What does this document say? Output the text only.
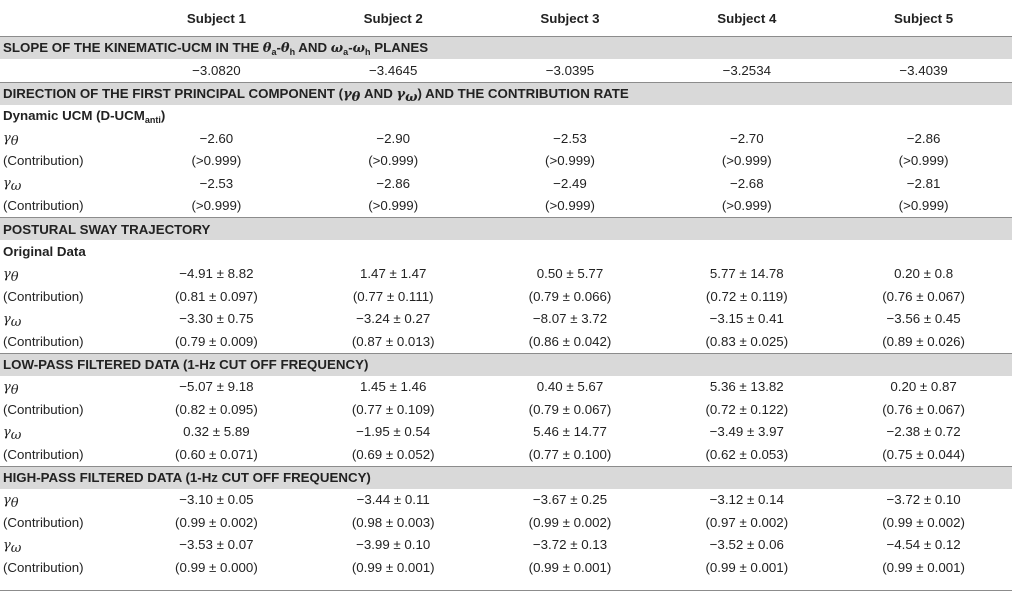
	Subject 1	Subject 2	Subject 3	Subject 4	Subject 5
SLOPE OF THE KINEMATIC-UCM IN THE $\theta_a-\theta_h$ AND $\omega_a-\omega_h$ PLANES					
	−3.0820	−3.4645	−3.0395	−3.2534	−3.4039
DIRECTION OF THE FIRST PRINCIPAL COMPONENT ($\gamma_\theta$ AND $\gamma_\omega$) AND THE CONTRIBUTION RATE					
Dynamic UCM $(D-UCM_{anti})$					
$\gamma_\theta$	−2.60	−2.90	−2.53	−2.70	−2.86
(Contribution)	(>0.999)	(>0.999)	(>0.999)	(>0.999)	(>0.999)
$\gamma_\omega$	−2.53	−2.86	−2.49	−2.68	−2.81
(Contribution)	(>0.999)	(>0.999)	(>0.999)	(>0.999)	(>0.999)
POSTURAL SWAY TRAJECTORY					
Original Data					
$\gamma_\theta$	−4.91 ± 8.82	1.47 ± 1.47	0.50 ± 5.77	5.77 ± 14.78	0.20 ± 0.8
(Contribution)	(0.81 ± 0.097)	(0.77 ± 0.111)	(0.79 ± 0.066)	(0.72 ± 0.119)	(0.76 ± 0.067)
$\gamma_\omega$	−3.30 ± 0.75	−3.24 ± 0.27	−8.07 ± 3.72	−3.15 ± 0.41	−3.56 ± 0.45
(Contribution)	(0.79 ± 0.009)	(0.87 ± 0.013)	(0.86 ± 0.042)	(0.83 ± 0.025)	(0.89 ± 0.026)
LOW-PASS FILTERED DATA (1-Hz CUT OFF FREQUENCY)					
$\gamma_\theta$	−5.07 ± 9.18	1.45 ± 1.46	0.40 ± 5.67	5.36 ± 13.82	0.20 ± 0.87
(Contribution)	(0.82 ± 0.095)	(0.77 ± 0.109)	(0.79 ± 0.067)	(0.72 ± 0.122)	(0.76 ± 0.067)
$\gamma_\omega$	0.32 ± 5.89	−1.95 ± 0.54	5.46 ± 14.77	−3.49 ± 3.97	−2.38 ± 0.72
(Contribution)	(0.60 ± 0.071)	(0.69 ± 0.052)	(0.77 ± 0.100)	(0.62 ± 0.053)	(0.75 ± 0.044)
HIGH-PASS FILTERED DATA (1-Hz CUT OFF FREQUENCY)					
$\gamma_\theta$	−3.10 ± 0.05	−3.44 ± 0.11	−3.67 ± 0.25	−3.12 ± 0.14	−3.72 ± 0.10
(Contribution)	(0.99 ± 0.002)	(0.98 ± 0.003)	(0.99 ± 0.002)	(0.97 ± 0.002)	(0.99 ± 0.002)
$\gamma_\omega$	−3.53 ± 0.07	−3.99 ± 0.10	−3.72 ± 0.13	−3.52 ± 0.06	−4.54 ± 0.12
(Contribution)	(0.99 ± 0.000)	(0.99 ± 0.001)	(0.99 ± 0.001)	(0.99 ± 0.001)	(0.99 ± 0.001)
